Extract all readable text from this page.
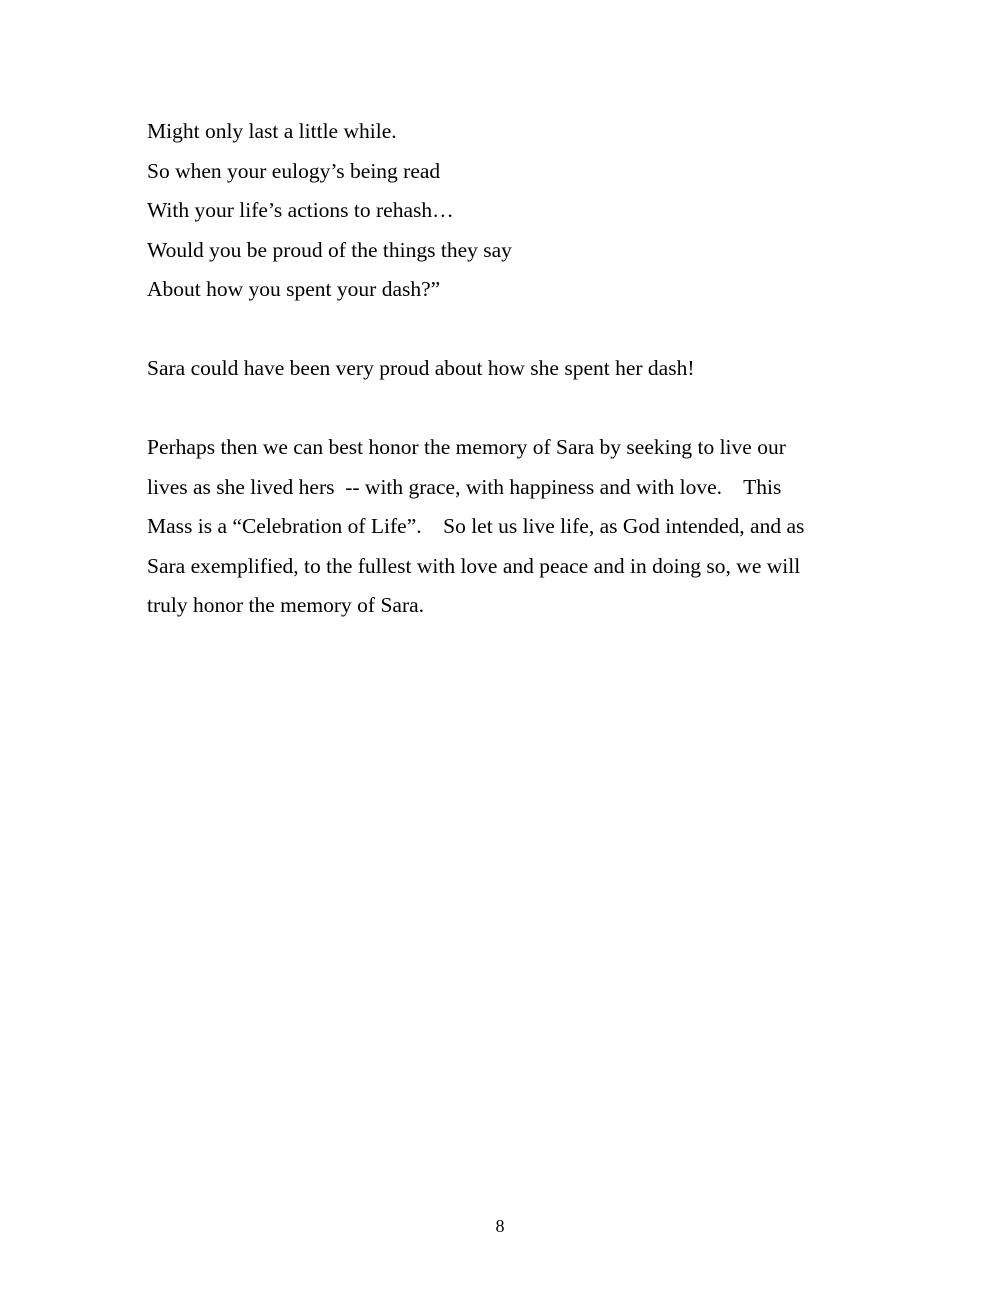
Might only last a little while.
So when your eulogy’s being read
With your life’s actions to rehash…
Would you be proud of the things they say
About how you spent your dash?”
Sara could have been very proud about how she spent her dash!
Perhaps then we can best honor the memory of Sara by seeking to live our
lives as she lived hers  -- with grace, with happiness and with love.    This
Mass is a “Celebration of Life”.    So let us live life, as God intended, and as
Sara exemplified, to the fullest with love and peace and in doing so, we will
truly honor the memory of Sara.
8
